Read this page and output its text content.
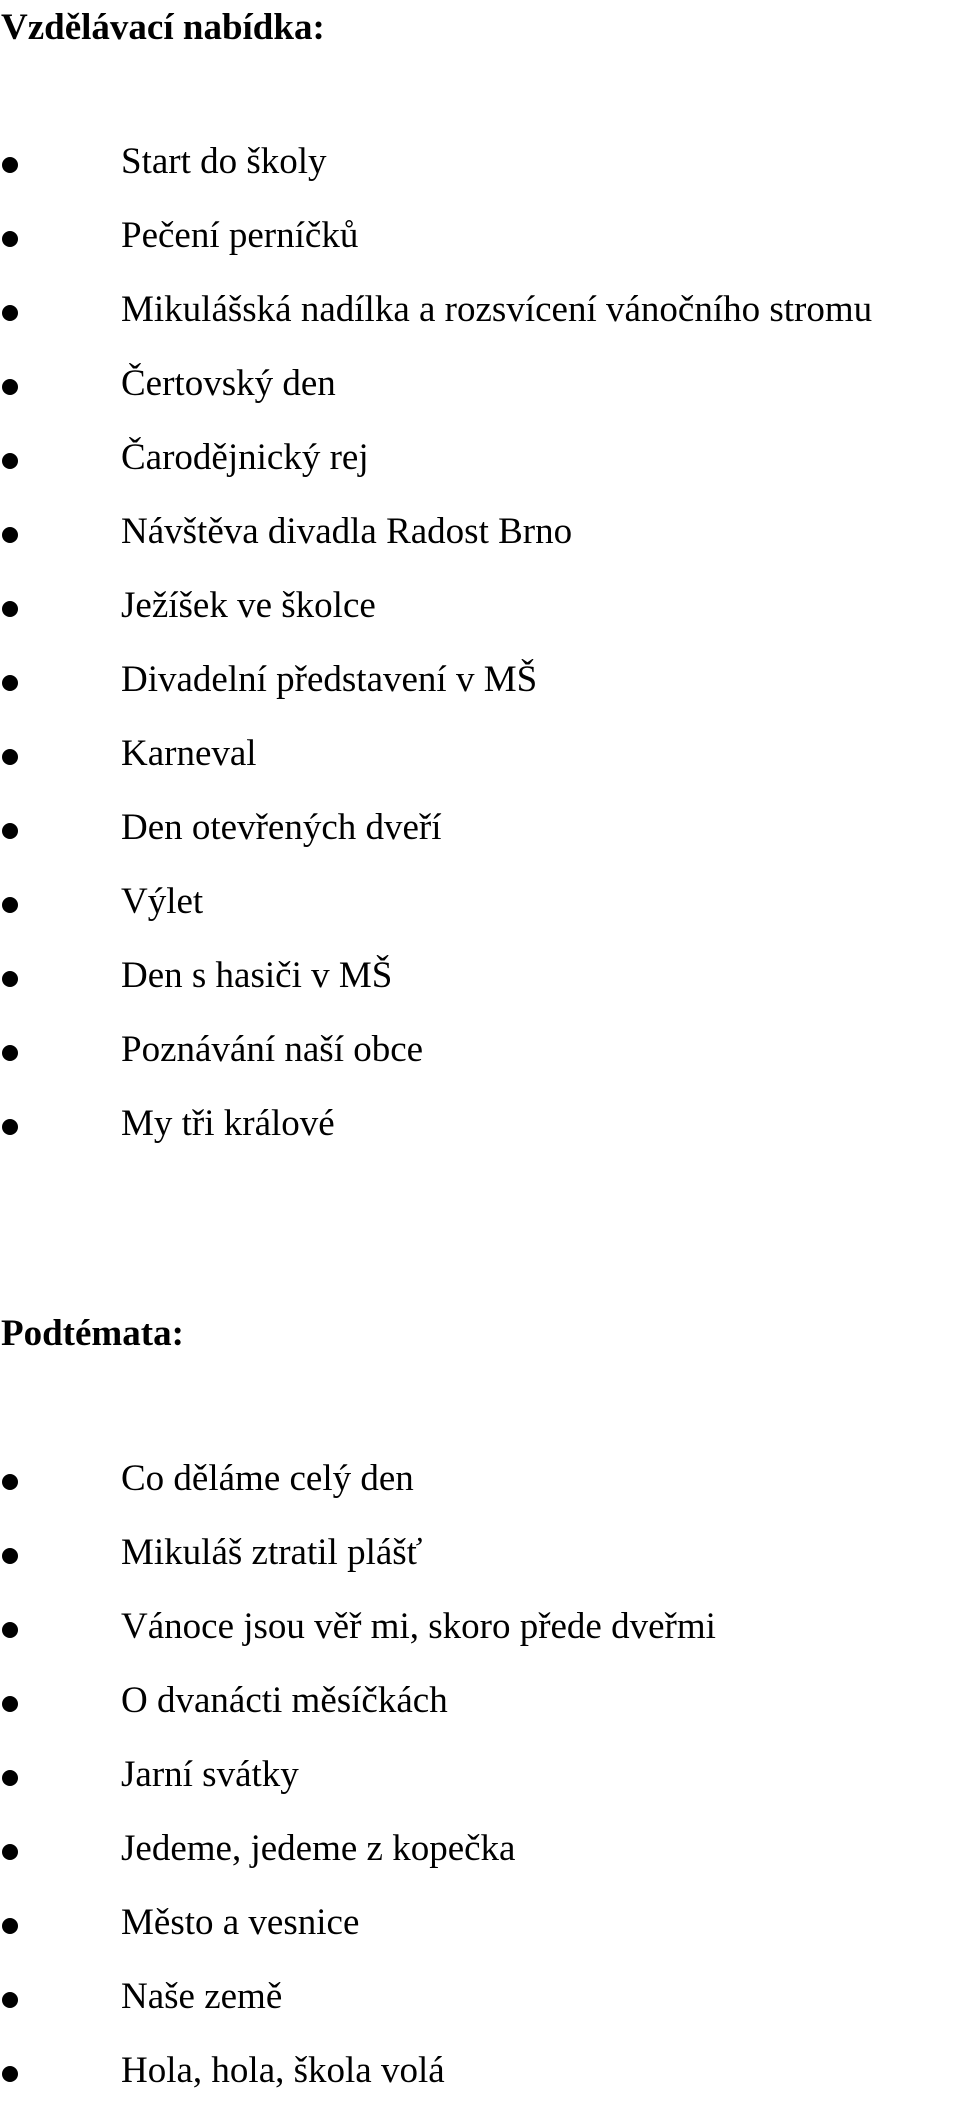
Vzdělávací nabídka:
Start do školy
Pečení perníčků
Mikulášská nadílka a rozsvícení vánočního stromu
Čertovský den
Čarodějnický rej
Návštěva divadla Radost Brno
Ježíšek ve školce
Divadelní představení v MŠ
Karneval
Den otevřených dveří
Výlet
Den s hasiči v MŠ
Poznávání naší obce
My tři králové
Podtémata:
Co děláme celý den
Mikuláš ztratil plášť
Vánoce jsou věř mi, skoro přede dveřmi
O dvanácti měsíčkách
Jarní svátky
Jedeme, jedeme z kopečka
Město a vesnice
Naše země
Hola, hola, škola volá
